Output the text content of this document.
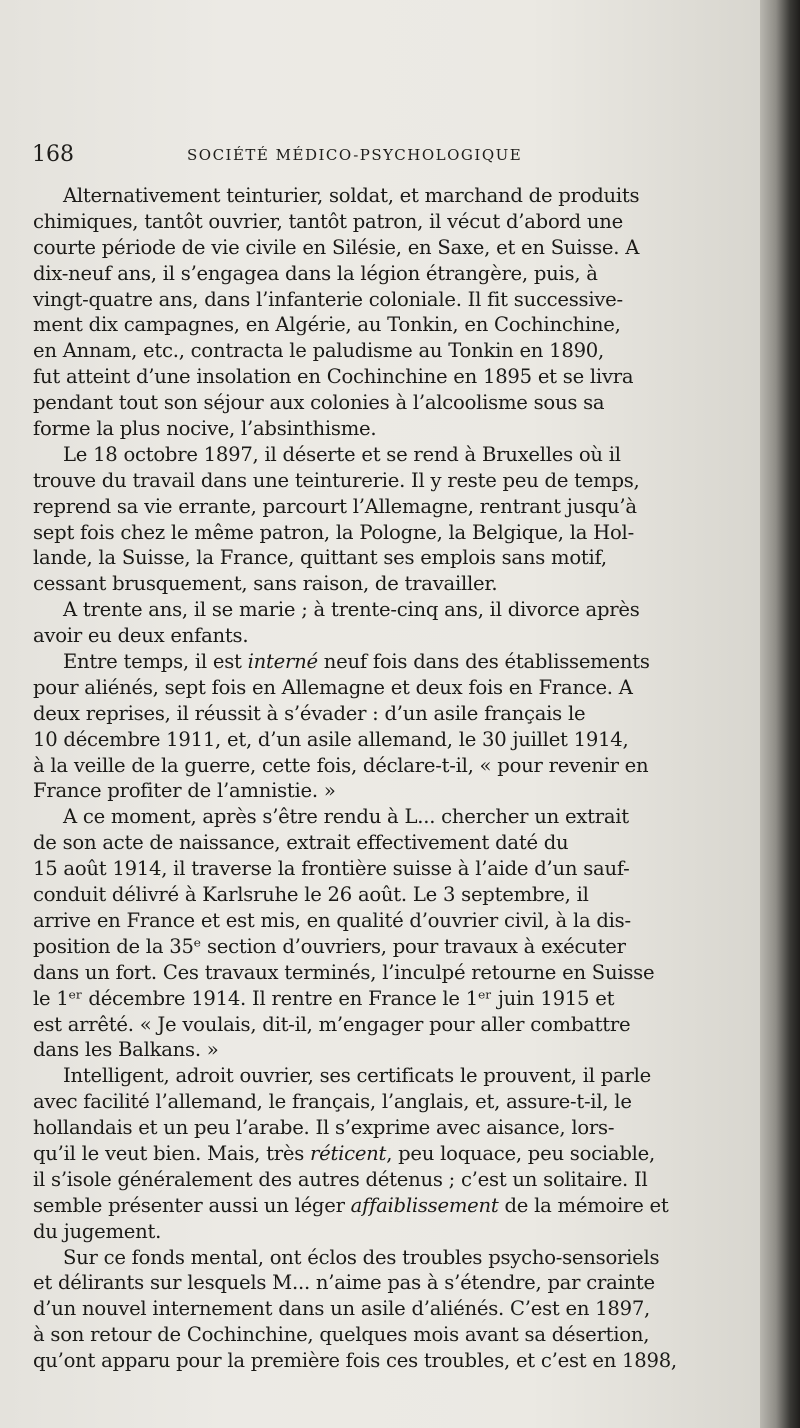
168	SOCIÉTÉ MÉDICO-PSYCHOLOGIQUE
Alternativement teinturier, soldat, et marchand de produits
chimiques, tantôt ouvrier, tantôt patron, il vécut d’abord une
courte période de vie civile en Silésie, en Saxe, et en Suisse. A
dix-neuf ans, il s’engagea dans la légion étrangère, puis, à
vingt-quatre ans, dans l’infanterie coloniale. Il fit successive-
ment dix campagnes, en Algérie, au Tonkin, en Cochinchine,
en Annam, etc., contracta le paludisme au Tonkin en 1890,
fut atteint d’une insolation en Cochinchine en 1895 et se livra
pendant tout son séjour aux colonies à l’alcoolisme sous sa
forme la plus nocive, l’absinthisme.
Le 18 octobre 1897, il déserte et se rend à Bruxelles où il
trouve du travail dans une teinturerie. Il y reste peu de temps,
reprend sa vie errante, parcourt l’Allemagne, rentrant jusqu’à
sept fois chez le même patron, la Pologne, la Belgique, la Hol-
lande, la Suisse, la France, quittant ses emplois sans motif,
cessant brusquement, sans raison, de travailler.
A trente ans, il se marie ; à trente-cinq ans, il divorce après
avoir eu deux enfants.
Entre temps, il est interné neuf fois dans des établissements
pour aliénés, sept fois en Allemagne et deux fois en France. A
deux reprises, il réussit à s’évader : d’un asile français le
10 décembre 1911, et, d’un asile allemand, le 30 juillet 1914,
à la veille de la guerre, cette fois, déclare-t-il, « pour revenir en
France profiter de l’amnistie. »
A ce moment, après s’être rendu à L... chercher un extrait
de son acte de naissance, extrait effectivement daté du
15 août 1914, il traverse la frontière suisse à l’aide d’un sauf-
conduit délivré à Karlsruhe le 26 août. Le 3 septembre, il
arrive en France et est mis, en qualité d’ouvrier civil, à la dis-
position de la 35ᵉ section d’ouvriers, pour travaux à exécuter
dans un fort. Ces travaux terminés, l’inculpé retourne en Suisse
le 1ᵉʳ décembre 1914. Il rentre en France le 1ᵉʳ juin 1915 et
est arrêté. « Je voulais, dit-il, m’engager pour aller combattre
dans les Balkans. »
Intelligent, adroit ouvrier, ses certificats le prouvent, il parle
avec facilité l’allemand, le français, l’anglais, et, assure-t-il, le
hollandais et un peu l’arabe. Il s’exprime avec aisance, lors-
qu’il le veut bien. Mais, très réticent, peu loquace, peu sociable,
il s’isole généralement des autres détenus ; c’est un solitaire. Il
semble présenter aussi un léger affaiblissement de la mémoire et
du jugement.
Sur ce fonds mental, ont éclos des troubles psycho-sensoriels
et délirants sur lesquels M... n’aime pas à s’étendre, par crainte
d’un nouvel internement dans un asile d’aliénés. C’est en 1897,
à son retour de Cochinchine, quelques mois avant sa désertion,
qu’ont apparu pour la première fois ces troubles, et c’est en 1898,
